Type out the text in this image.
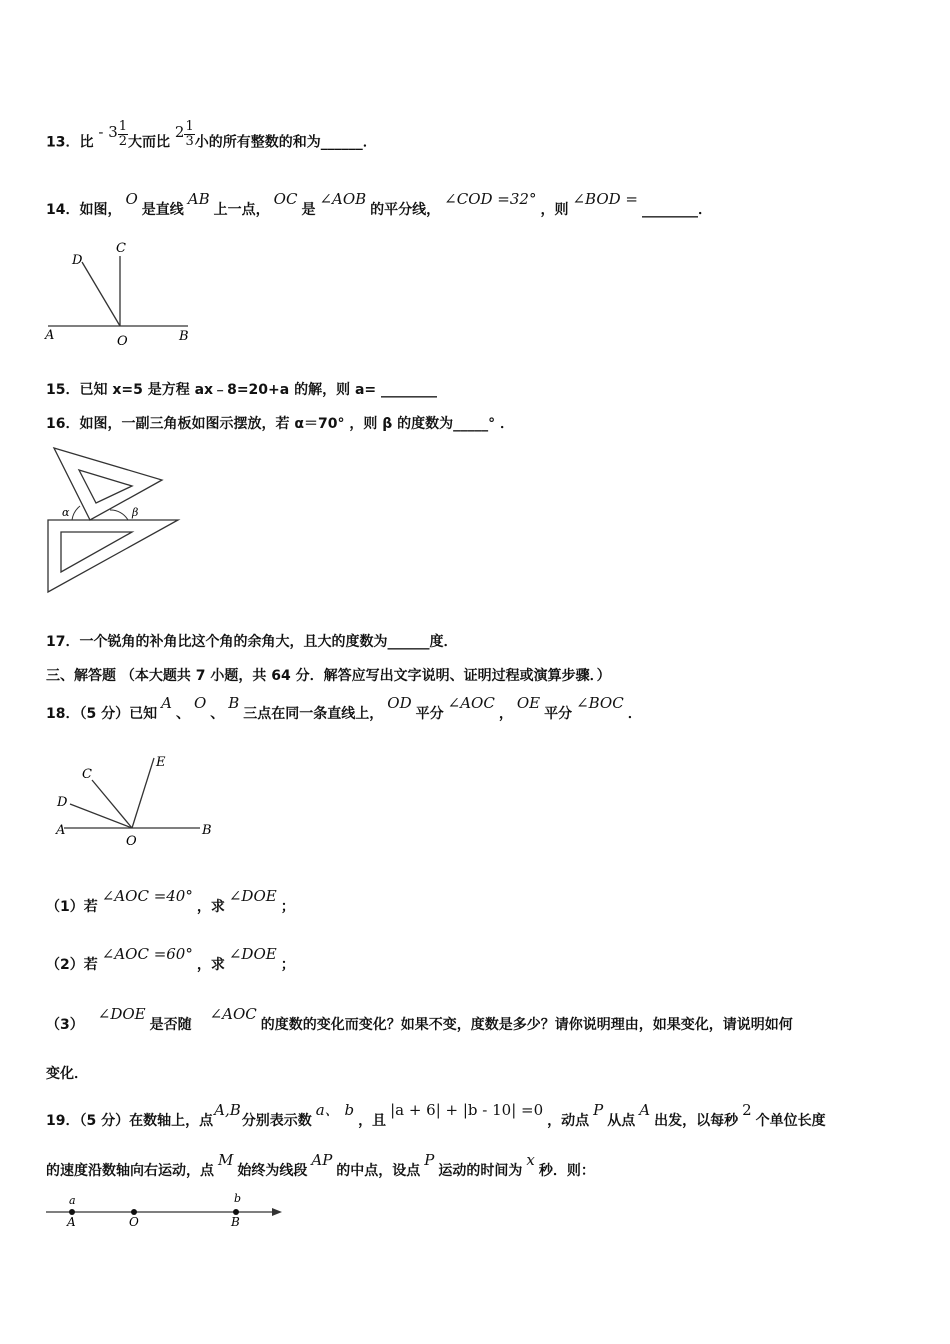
13．比 - $3 \frac{1}{2}$ 大而比 $2 \frac{1}{3}$ 小的所有整数的和为______．
14．如图，O是直线AB上一点，OC是∠AOB的平分线，∠COD =32°，则∠BOD =________．
D
C
A	O	B
15．已知 x=5 是方程 ax﹣8=20+a 的解，则 a= ________
16．如图，一副三角板如图示摆放，若 α＝70° ，则 β 的度数为_____° ．
α	β
17．一个锐角的补角比这个角的余角大，且大的度数为______度．
三、解答题 （本大题共 7 小题，共 64 分．解答应写出文字说明、证明过程或演算步骤．）
18．（5 分）已知A、O、B三点在同一条直线上，OD平分∠AOC，OE平分∠BOC．
C
E
D
A
O
B
（1）若∠AOC =40°，求∠DOE；
（2）若∠AOC =60°，求∠DOE；
（3）∠DOE是否随∠AOC的度数的变化而变化？如果不变，度数是多少？请你说明理由，如果变化，请说明如何
变化．
19．（5 分）在数轴上，点A,B分别表示数a、 b，且|a + 6| + |b - 10| =0，动点P从点A出发，以每秒2个单位长度
的速度沿数轴向右运动，点M始终为线段AP的中点，设点P运动的时间为x秒．则：
a
A	O
b
B
